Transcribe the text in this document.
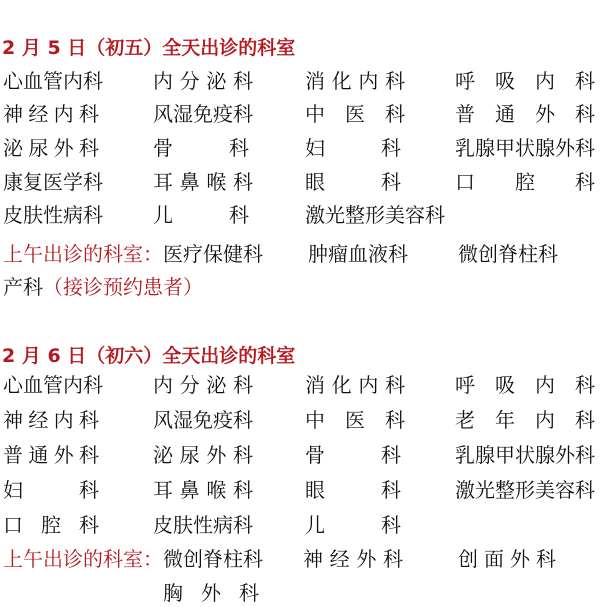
2 月 5 日（初五）全天出诊的科室
心 血 管 内 科	内 分 泌 科	消 化 内 科	呼 吸 内 科
神 经 内 科	风 湿 免 疫 科	中 医 科	普 通 外 科
泌 尿 外 科	骨	科	妇	科	乳腺甲状腺外科
康 复 医 学 科	耳 鼻 喉 科	眼	科	口 腔 科
皮 肤 性 病 科	儿	科	激光整形美容科
上午出诊的科室： 医疗保健科 肿瘤血液科	微创脊柱科
产科（接诊预约患者）
2 月 6 日（初六）全天出诊的科室
心 血 管 内 科	内 分 泌 科	消 化 内 科	呼 吸 内 科
神 经 内 科	风 湿 免 疫 科	中 医 科	老 年 内 科
普 通 外 科	泌 尿 外 科	骨	科	乳腺甲状腺外科
妇	科	耳 鼻 喉 科	眼	科	激光整形美容科
口 腔 科	皮 肤 性 病 科	儿	科
上午出诊的科室： 微创脊柱科 神 经 外 科	创 面 外 科
胸 外 科
